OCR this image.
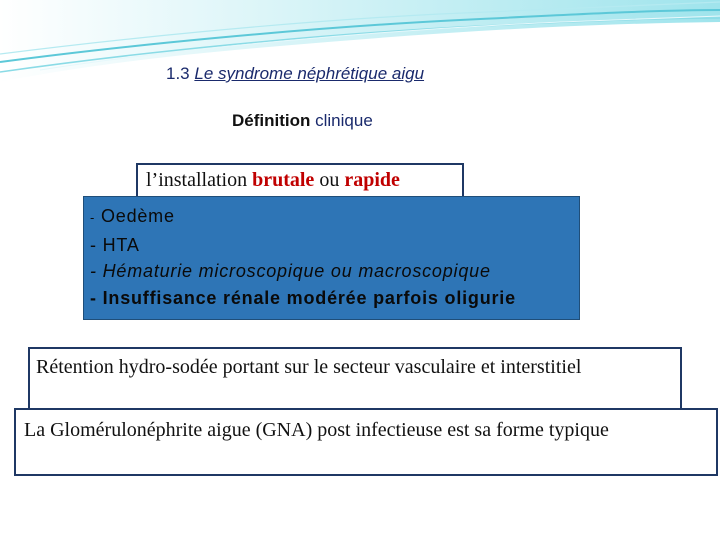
1.3 Le syndrome néphrétique aigu
Définition clinique
l’installation brutale ou rapide
- Oedème
- HTA
- Hématurie microscopique ou macroscopique
- Insuffisance rénale modérée parfois oligurie
Rétention hydro-sodée portant sur le secteur vasculaire et interstitiel
La Glomérulonéphrite aigue (GNA) post infectieuse est sa forme typique
